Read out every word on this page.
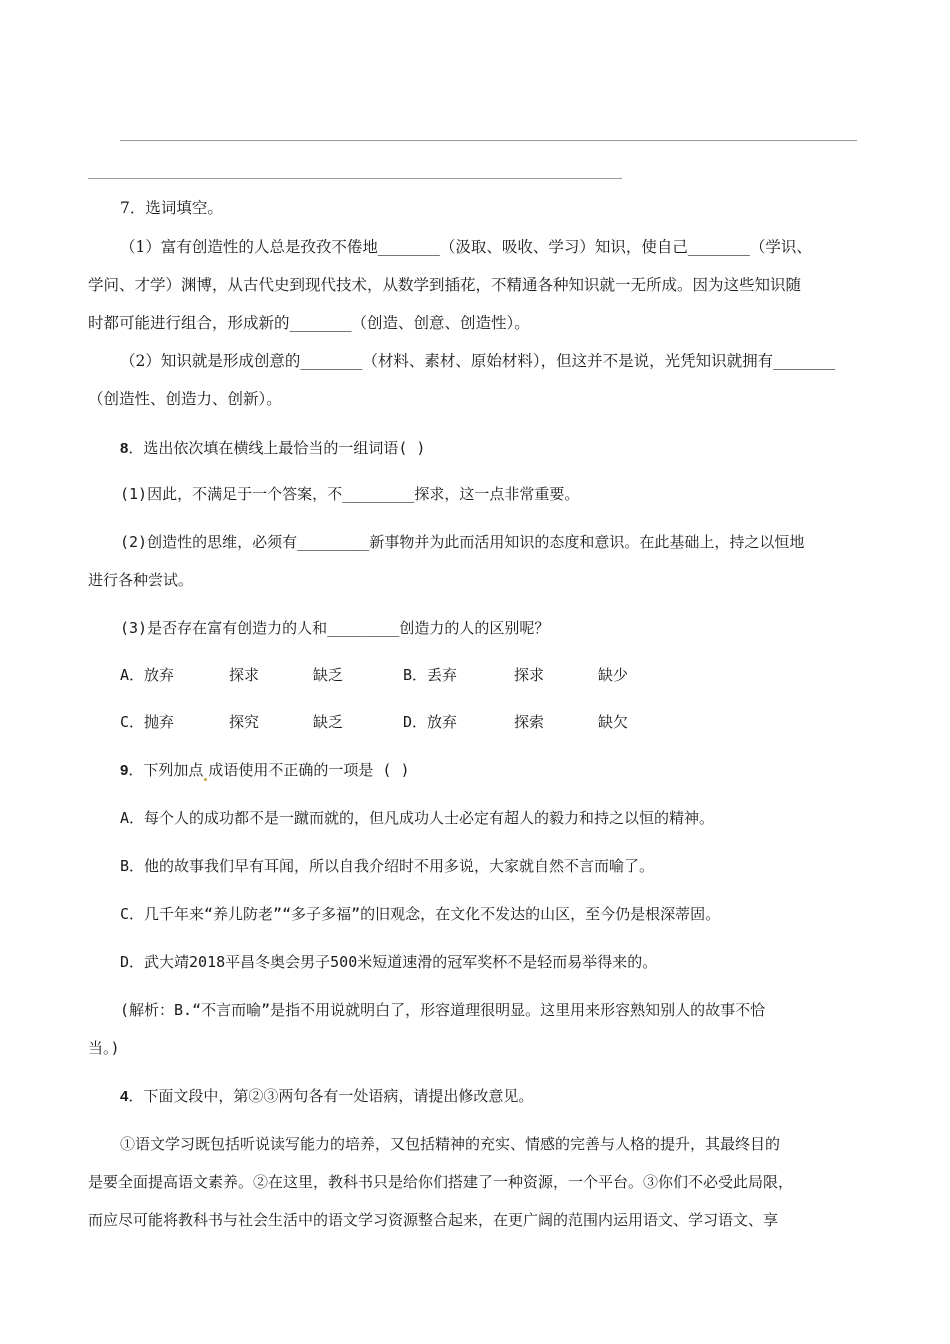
7．选词填空。
（1）富有创造性的人总是孜孜不倦地________（汲取、吸收、学习）知识，使自己________（学识、
学问、才学）渊博，从古代史到现代技术，从数学到插花，不精通各种知识就一无所成。因为这些知识随
时都可能进行组合，形成新的________（创造、创意、创造性）。
（2）知识就是形成创意的________（材料、素材、原始材料），但这并不是说，光凭知识就拥有________
（创造性、创造力、创新）。
8．选出依次填在横线上最恰当的一组词语( )
(1)因此，不满足于一个答案，不________探求，这一点非常重要。
(2)创造性的思维，必须有________新事物并为此而活用知识的态度和意识。在此基础上，持之以恒地
进行各种尝试。
(3)是否存在富有创造力的人和________创造力的人的区别呢？
A．放弃	探求	缺乏	B．丢弃	探求	缺少
C．抛弃	探究	缺乏	D．放弃	探索	缺欠
9．下列加点 成语使用不正确的一项是 ( )
A．每个人的成功都不是一蹴而就的，但凡成功人士必定有超人的毅力和持之以恒的精神。
B．他的故事我们早有耳闻，所以自我介绍时不用多说，大家就自然不言而喻了。
C．几千年来“养儿防老”“多子多福”的旧观念，在文化不发达的山区，至今仍是根深蒂固。
D．武大靖2018平昌冬奥会男子500米短道速滑的冠军奖杯不是轻而易举得来的。
(解析：B.“不言而喻”是指不用说就明白了，形容道理很明显。这里用来形容熟知别人的故事不恰
当。)
4．下面文段中，第②③两句各有一处语病，请提出修改意见。
①语文学习既包括听说读写能力的培养，又包括精神的充实、情感的完善与人格的提升，其最终目的
是要全面提高语文素养。②在这里，教科书只是给你们搭建了一种资源，一个平台。③你们不必受此局限，
而应尽可能将教科书与社会生活中的语文学习资源整合起来，在更广阔的范围内运用语文、学习语文、享
